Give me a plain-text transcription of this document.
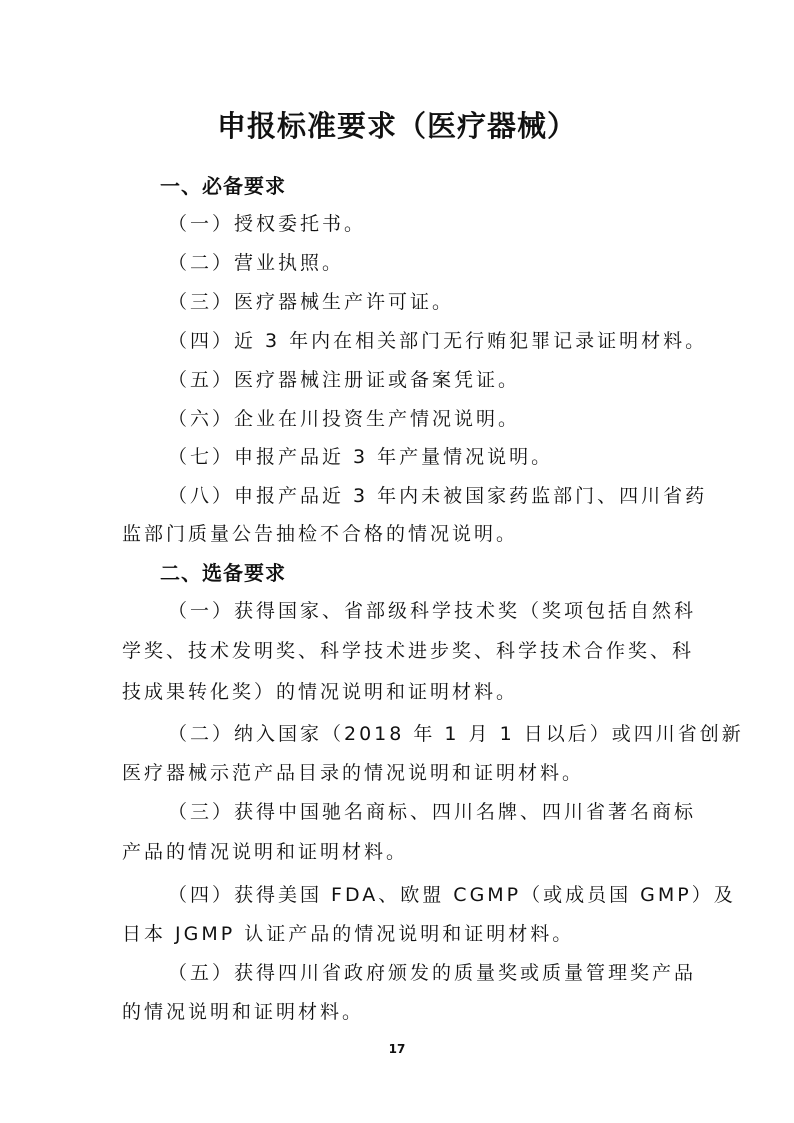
申报标准要求（医疗器械）
一、必备要求
（一）授权委托书。
（二）营业执照。
（三）医疗器械生产许可证。
（四）近 3 年内在相关部门无行贿犯罪记录证明材料。
（五）医疗器械注册证或备案凭证。
（六）企业在川投资生产情况说明。
（七）申报产品近 3 年产量情况说明。
（八）申报产品近 3 年内未被国家药监部门、四川省药
监部门质量公告抽检不合格的情况说明。
二、选备要求
（一）获得国家、省部级科学技术奖（奖项包括自然科
学奖、技术发明奖、科学技术进步奖、科学技术合作奖、科
技成果转化奖）的情况说明和证明材料。
（二）纳入国家（2018 年 1 月 1 日以后）或四川省创新
医疗器械示范产品目录的情况说明和证明材料。
（三）获得中国驰名商标、四川名牌、四川省著名商标
产品的情况说明和证明材料。
（四）获得美国 FDA、欧盟 CGMP（或成员国 GMP）及
日本 JGMP 认证产品的情况说明和证明材料。
（五）获得四川省政府颁发的质量奖或质量管理奖产品
的情况说明和证明材料。
17
